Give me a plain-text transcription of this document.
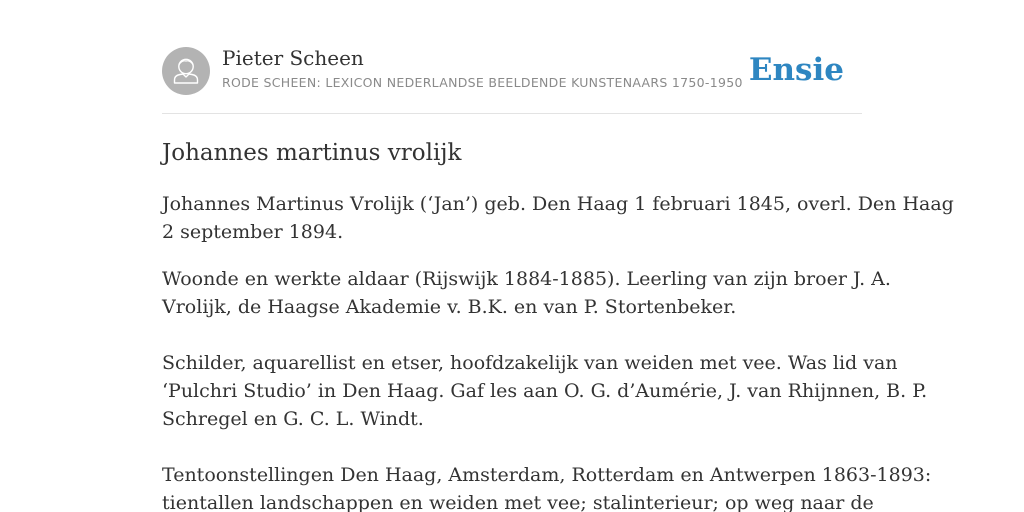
Pieter Scheen
RODE SCHEEN: LEXICON NEDERLANDSE BEELDENDE KUNSTENAARS 1750-1950 Ensie
Johannes martinus vrolijk

Johannes Martinus Vrolijk (‘Jan’) geb. Den Haag 1 februari 1845, overl. Den Haag
2 september 1894.

Woonde en werkte aldaar (Rijswijk 1884-1885). Leerling van zijn broer J. A.
Vrolijk, de Haagse Akademie v. B.K. en van P. Stortenbeker.
Schilder, aquarellist en etser, hoofdzakelijk van weiden met vee. Was lid van
‘Pulchri Studio’ in Den Haag. Gaf les aan O. G. d’Aumérie, J. van Rhijnnen, B. P.
Schregel en G. C. L. Windt.
Tentoonstellingen Den Haag, Amsterdam, Rotterdam en Antwerpen 1863-1893:
tientallen landschappen en weiden met vee; stalinterieur; op weg naar de
